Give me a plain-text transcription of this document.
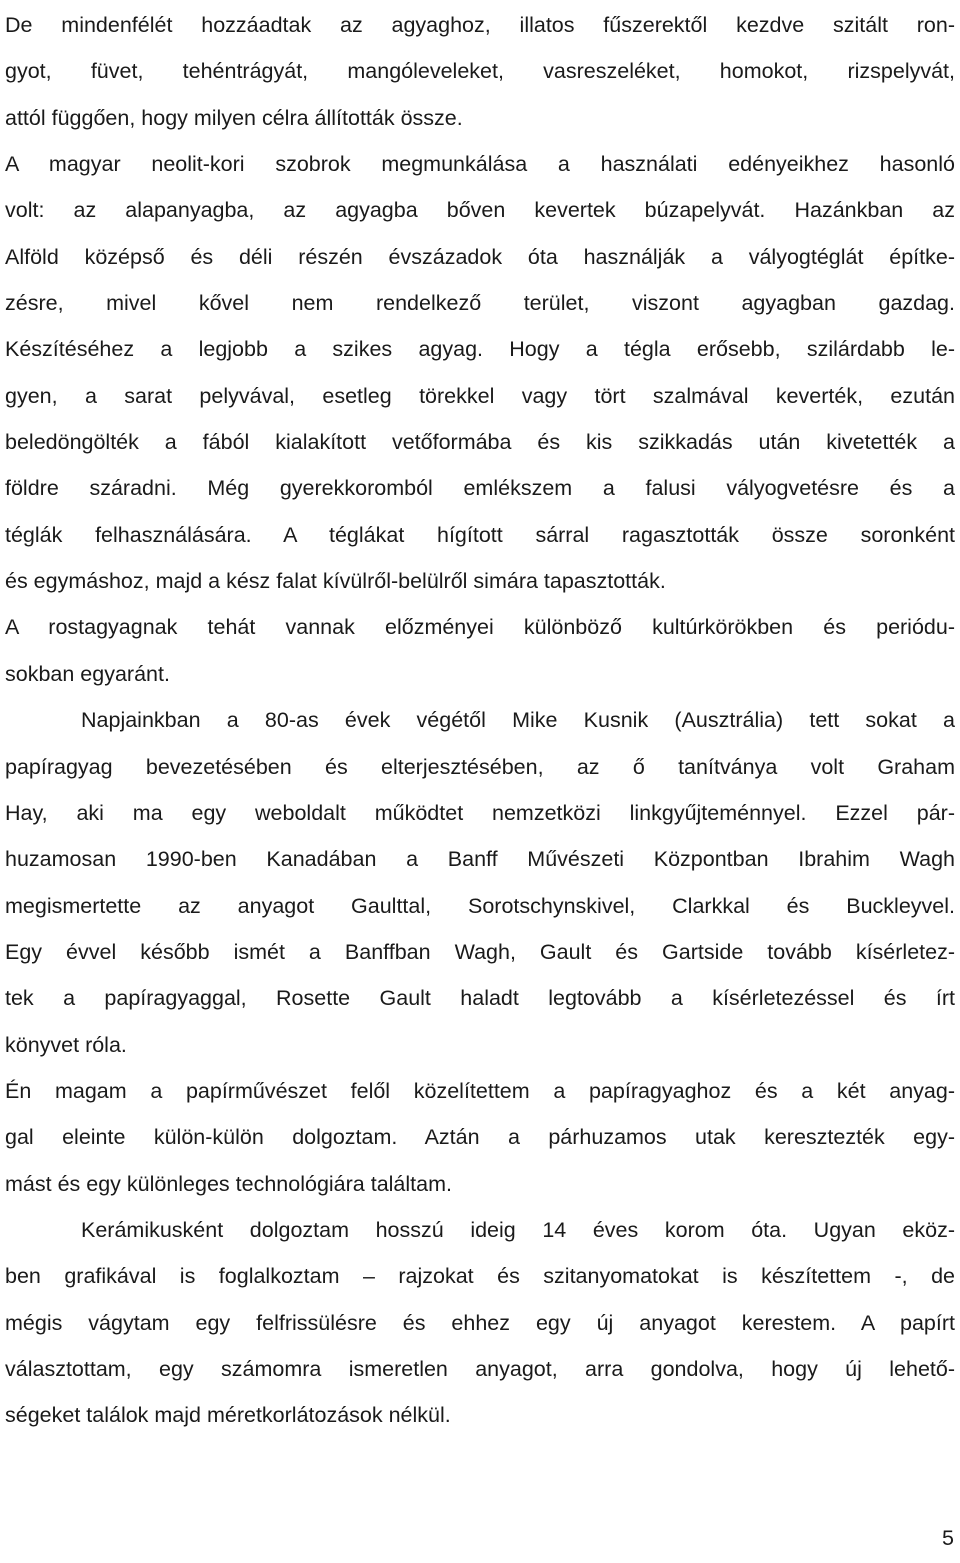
De mindenfélét hozzáadtak az agyaghoz, illatos fűszerektől kezdve szitált ron-
gyot, füvet, tehéntrágyát, mangóleveleket, vasreszeléket, homokot, rizspelyvát,
attól függően, hogy milyen célra állították össze.
A magyar neolit-kori szobrok megmunkálása a használati edényeikhez hasonló
volt: az alapanyagba, az agyagba bőven kevertek búzapelyvát. Hazánkban az
Alföld középső és déli részén évszázadok óta használják a vályogtéglát építke-
zésre, mivel kővel nem rendelkező terület, viszont agyagban gazdag.
Készítéséhez a legjobb a szikes agyag. Hogy a tégla erősebb, szilárdabb le-
gyen, a sarat pelyvával, esetleg törekkel vagy tört szalmával keverték, ezután
beledöngölték a fából kialakított vetőformába és kis szikkadás után kivetették a
földre száradni. Még gyerekkoromból emlékszem a falusi vályogvetésre és a
téglák felhasználására. A téglákat hígított sárral ragasztották össze soronként
és egymáshoz, majd a kész falat kívülről-belülről simára tapasztották.
A rostagyagnak tehát vannak előzményei különböző kultúrkörökben és periódu-
sokban egyaránt.
Napjainkban a 80-as évek végétől Mike Kusnik (Ausztrália) tett sokat a
papíragyag bevezetésében és elterjesztésében, az ő tanítványa volt Graham
Hay, aki ma egy weboldalt működtet nemzetközi linkgyűjteménnyel. Ezzel pár-
huzamosan 1990-ben Kanadában a Banff Művészeti Központban Ibrahim Wagh
megismertette az anyagot Gaulttal, Sorotschynskivel, Clarkkal és Buckleyvel.
Egy évvel később ismét a Banffban Wagh, Gault és Gartside tovább kísérletez-
tek a papíragyaggal, Rosette Gault haladt legtovább a kísérletezéssel és írt
könyvet róla.
Én magam a papírművészet felől közelítettem a papíragyaghoz és a két anyag-
gal eleinte külön-külön dolgoztam. Aztán a párhuzamos utak keresztezték egy-
mást és egy különleges technológiára találtam.
Kerámikusként dolgoztam hosszú ideig 14 éves korom óta. Ugyan eköz-
ben grafikával is foglalkoztam – rajzokat és szitanyomatokat is készítettem -, de
mégis vágytam egy felfrissülésre és ehhez egy új anyagot kerestem. A papírt
választottam, egy számomra ismeretlen anyagot, arra gondolva, hogy új lehető-
ségeket találok majd méretkorlátozások nélkül.
5
